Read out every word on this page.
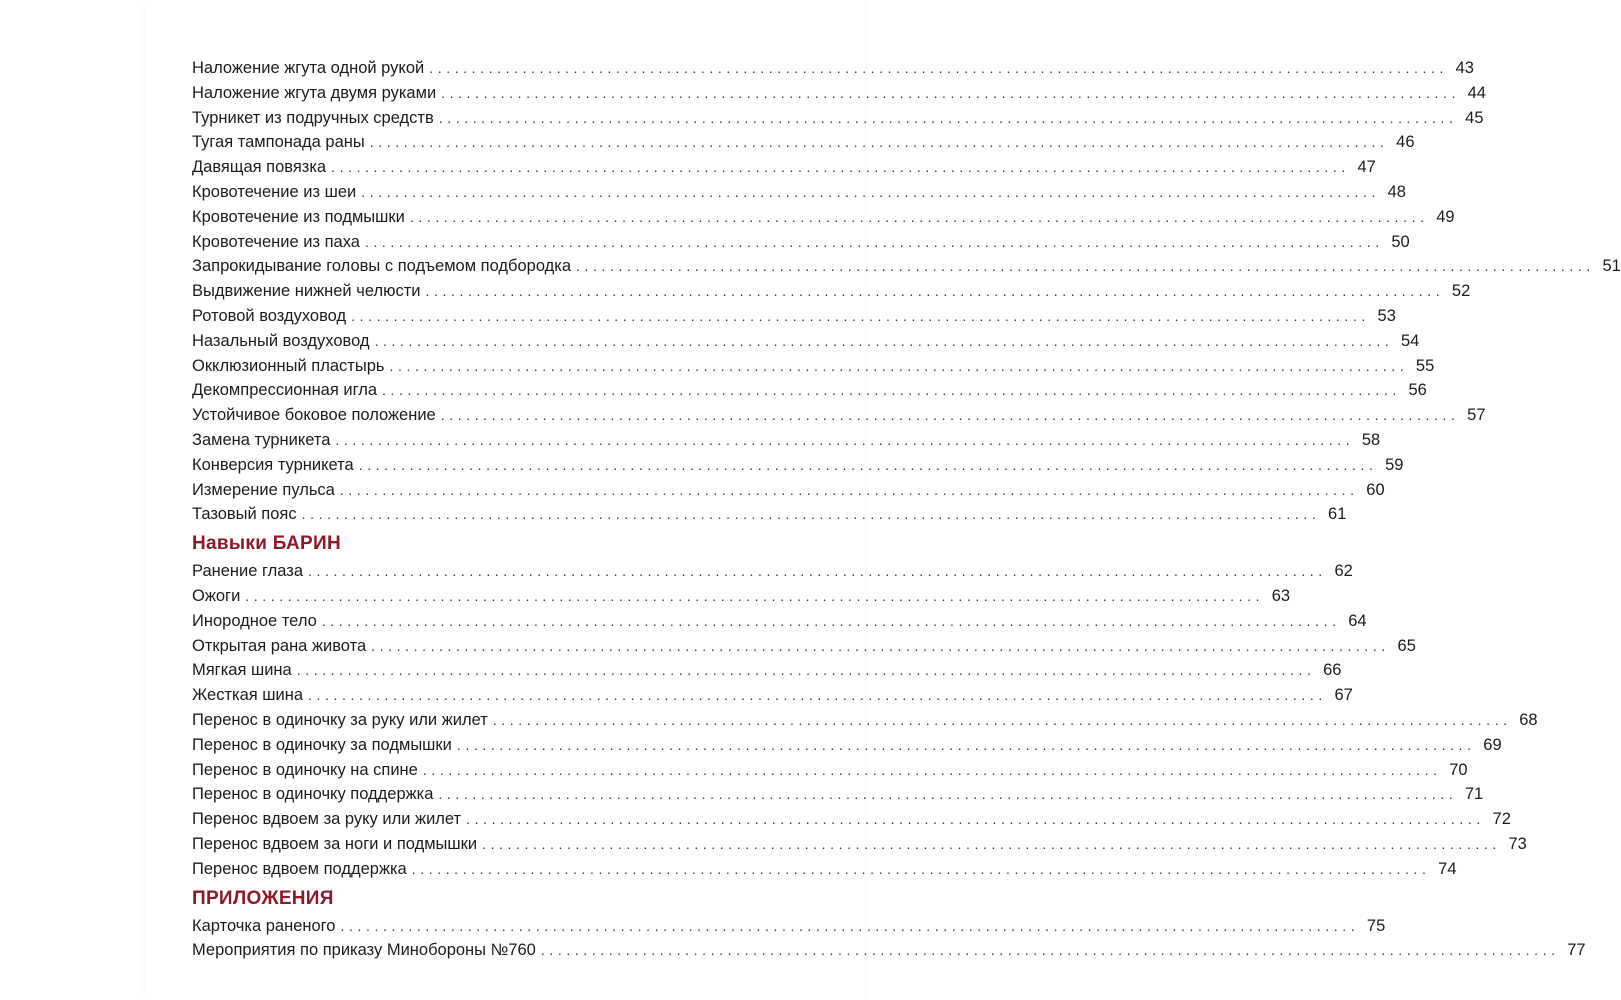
Наложение жгута одной рукой ........................................................................................................................ 43
Наложение жгута двумя руками ........................................................................................................................ 44
Турникет из подручных средств ........................................................................................................................ 45
Тугая тампонада раны ........................................................................................................................ 46
Давящая повязка ........................................................................................................................ 47
Кровотечение из шеи ........................................................................................................................ 48
Кровотечение из подмышки ........................................................................................................................ 49
Кровотечение из паха ........................................................................................................................ 50
Запрокидывание головы с подъемом подбородка ........................................................................................................................ 51
Выдвижение нижней челюсти ........................................................................................................................ 52
Ротовой воздуховод ........................................................................................................................ 53
Назальный воздуховод ........................................................................................................................ 54
Окклюзионный пластырь ........................................................................................................................ 55
Декомпрессионная игла ........................................................................................................................ 56
Устойчивое боковое положение ........................................................................................................................ 57
Замена турникета ........................................................................................................................ 58
Конверсия турникета ........................................................................................................................ 59
Измерение пульса ........................................................................................................................ 60
Тазовый пояс ........................................................................................................................ 61
Навыки БАРИН
Ранение глаза ........................................................................................................................ 62
Ожоги ........................................................................................................................ 63
Инородное тело ........................................................................................................................ 64
Открытая рана живота ........................................................................................................................ 65
Мягкая шина ........................................................................................................................ 66
Жесткая шина ........................................................................................................................ 67
Перенос в одиночку за руку или жилет ........................................................................................................................ 68
Перенос в одиночку за подмышки ........................................................................................................................ 69
Перенос в одиночку на спине ........................................................................................................................ 70
Перенос в одиночку поддержка ........................................................................................................................ 71
Перенос вдвоем за руку или жилет ........................................................................................................................ 72
Перенос вдвоем за ноги и подмышки ........................................................................................................................ 73
Перенос вдвоем поддержка ........................................................................................................................ 74
ПРИЛОЖЕНИЯ
Карточка раненого ........................................................................................................................ 75
Мероприятия по приказу Минобороны №760 ........................................................................................................................ 77
